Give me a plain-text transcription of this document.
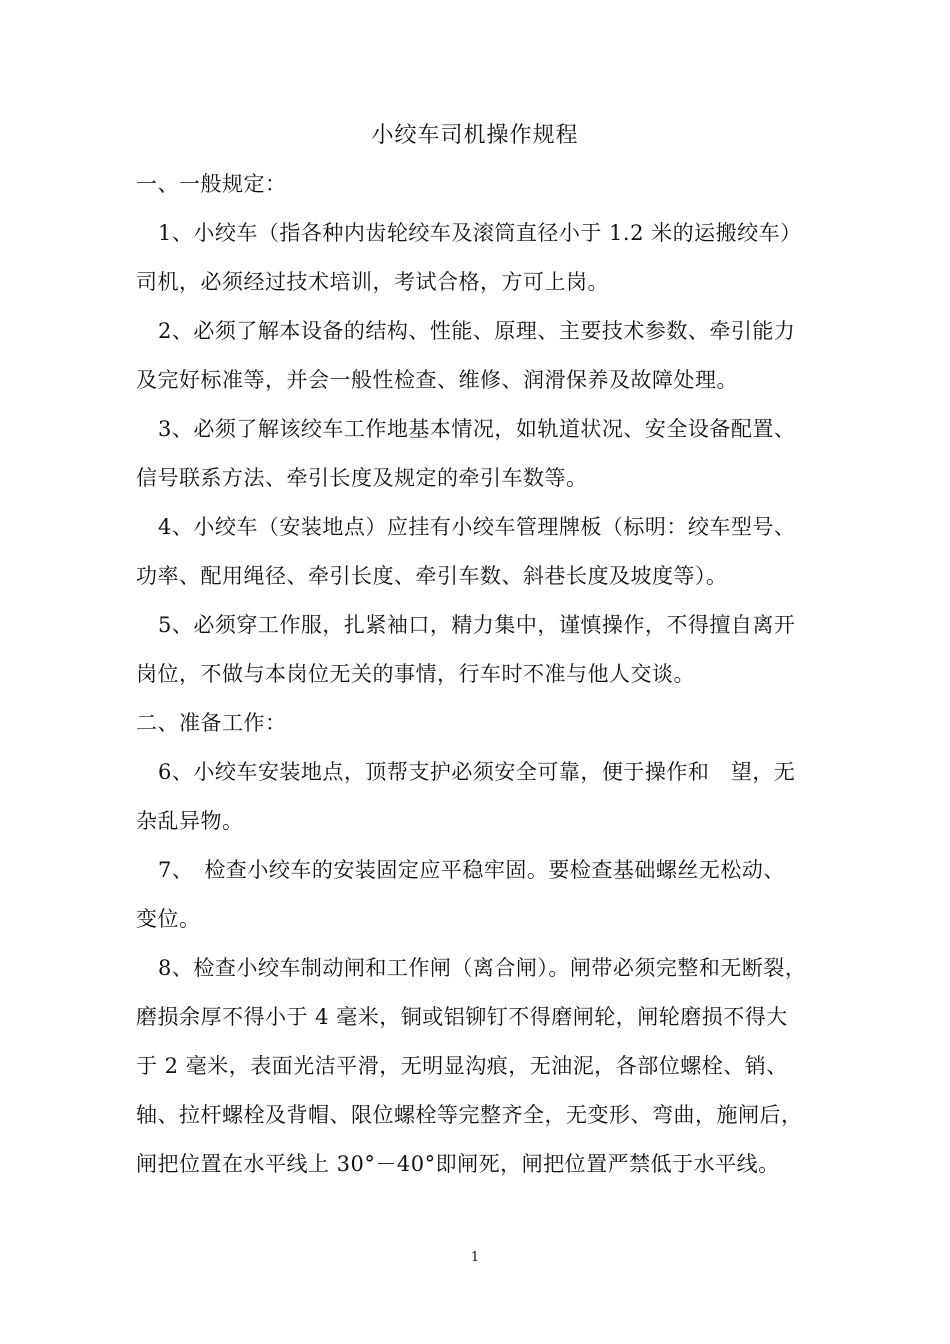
小绞车司机操作规程
一、一般规定：
1、小绞车（指各种内齿轮绞车及滚筒直径小于 1.2 米的运搬绞车）
司机，必须经过技术培训，考试合格，方可上岗。
2、必须了解本设备的结构、性能、原理、主要技术参数、牵引能力
及完好标准等，并会一般性检查、维修、润滑保养及故障处理。
3、必须了解该绞车工作地基本情况，如轨道状况、安全设备配置、
信号联系方法、牵引长度及规定的牵引车数等。
4、小绞车（安装地点）应挂有小绞车管理牌板（标明：绞车型号、
功率、配用绳径、牵引长度、牵引车数、斜巷长度及坡度等）。
5、必须穿工作服，扎紧袖口，精力集中，谨慎操作，不得擅自离开
岗位，不做与本岗位无关的事情，行车时不准与他人交谈。
二、准备工作：
6、小绞车安装地点，顶帮支护必须安全可靠，便于操作和　望，无
杂乱异物。
7、　检查小绞车的安装固定应平稳牢固。要检查基础螺丝无松动、
变位。
8、检查小绞车制动闸和工作闸（离合闸）。闸带必须完整和无断裂，
磨损余厚不得小于 4 毫米，铜或铝铆钉不得磨闸轮，闸轮磨损不得大
于 2 毫米，表面光洁平滑，无明显沟痕，无油泥，各部位螺栓、销、
轴、拉杆螺栓及背帽、限位螺栓等完整齐全，无变形、弯曲，施闸后，
闸把位置在水平线上 30°－40°即闸死，闸把位置严禁低于水平线。
1
